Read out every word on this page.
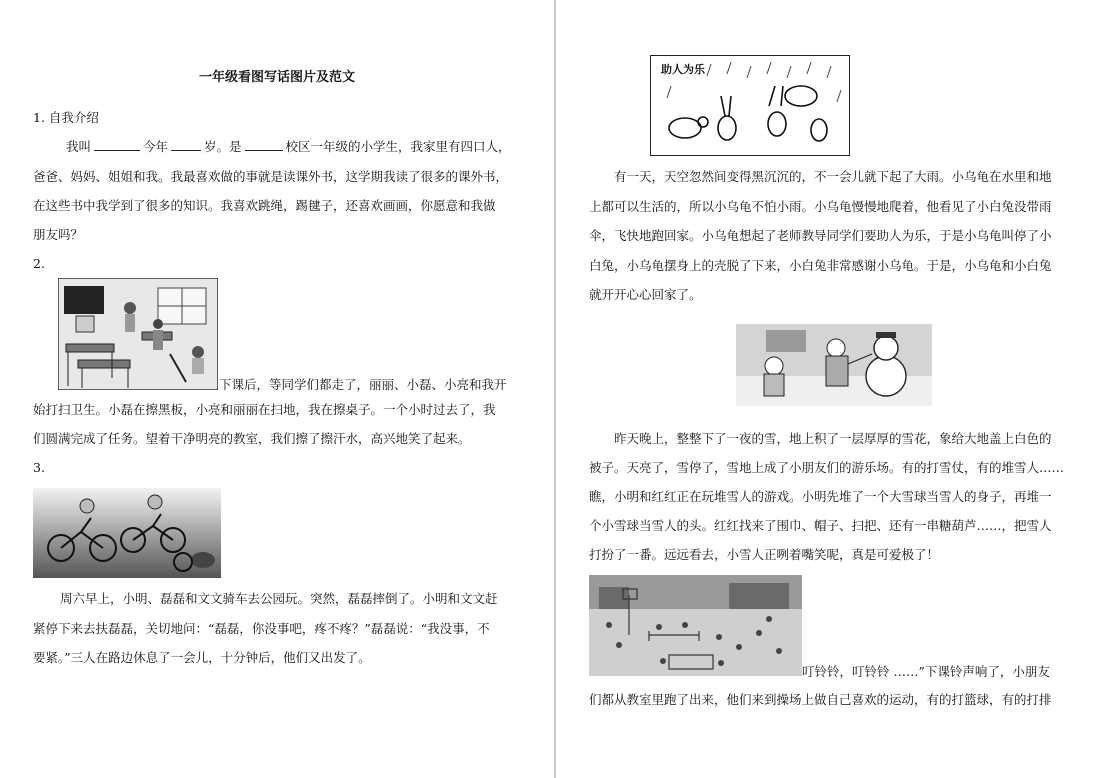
一年级看图写话图片及范文
1. 自我介绍
我叫	今年	岁。是	校区一年级的小学生，我家里有四口人，
爸爸、妈妈、姐姐和我。我最喜欢做的事就是读课外书，这学期我读了很多的课外书，
在这些书中我学到了很多的知识。我喜欢跳绳，踢毽子，还喜欢画画，你愿意和我做
朋友吗？
2.
下课后，等同学们都走了，丽丽、小磊、小亮和我开
始打扫卫生。小磊在擦黑板，小亮和丽丽在扫地，我在擦桌子。一个小时过去了，我
们圆满完成了任务。望着干净明亮的教室，我们擦了擦汗水，高兴地笑了起来。
3.
周六早上，小明、磊磊和文文骑车去公园玩。突然，磊磊摔倒了。小明和文文赶
紧停下来去扶磊磊，关切地问：“磊磊，你没事吧，疼不疼？”磊磊说：“我没事，不
要紧。”三人在路边休息了一会儿，十分钟后，他们又出发了。
助人为乐
有一天，天空忽然间变得黑沉沉的，不一会儿就下起了大雨。小乌龟在水里和地
上都可以生活的，所以小乌龟不怕小雨。小乌龟慢慢地爬着，他看见了小白兔没带雨
伞，飞快地跑回家。小乌龟想起了老师教导同学们要助人为乐，于是小乌龟叫停了小
白兔，小乌龟摆身上的壳脱了下来，小白兔非常感谢小乌龟。于是，小乌龟和小白兔
就开开心心回家了。
昨天晚上，整整下了一夜的雪，地上积了一层厚厚的雪花，象给大地盖上白色的
被子。天亮了，雪停了，雪地上成了小朋友们的游乐场。有的打雪仗，有的堆雪人……
瞧，小明和红红正在玩堆雪人的游戏。小明先堆了一个大雪球当雪人的身子，再堆一
个小雪球当雪人的头。红红找来了围巾、帽子、扫把、还有一串糖葫芦……，把雪人
打扮了一番。远远看去，小雪人正咧着嘴笑呢，真是可爱极了！
叮铃铃，叮铃铃 ……”下课铃声响了，小朋友
们都从教室里跑了出来，他们来到操场上做自己喜欢的运动，有的打篮球，有的打排
